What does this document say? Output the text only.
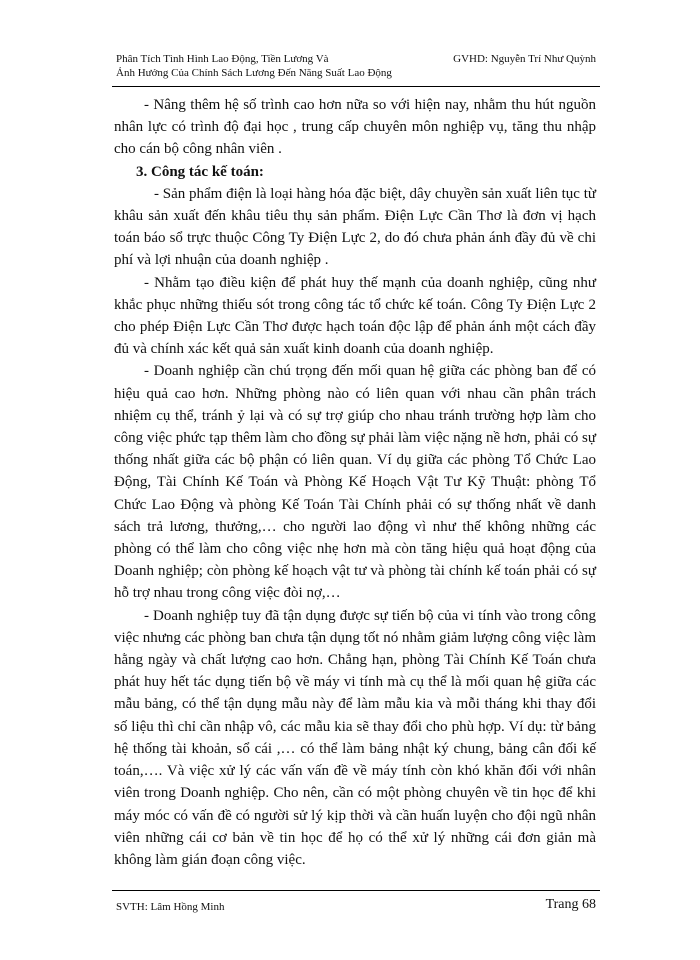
Phân Tích Tình Hình Lao Động, Tiền Lương Và
Ảnh Hưởng Của Chính Sách Lương Đến Năng Suất Lao Động
GVHD: Nguyễn Trí Như Quỳnh

- Nâng thêm hệ số trình cao hơn nữa so với hiện nay, nhằm thu hút nguồn nhân lực có trình độ đại học , trung cấp chuyên môn nghiệp vụ, tăng thu nhập cho cán bộ công nhân viên .

3. Công tác kế toán:

- Sản phẩm điện là loại hàng hóa đặc biệt, dây chuyền sản xuất liên tục từ khâu sản xuất đến khâu tiêu thụ sản phẩm. Điện Lực Cần Thơ là đơn vị hạch toán báo sổ trực thuộc Công Ty Điện Lực 2, do đó chưa phản ánh đầy đủ về chi phí và lợi nhuận của doanh nghiệp .

- Nhằm tạo điều kiện để phát huy thế mạnh của doanh nghiệp, cũng như khắc phục những thiếu sót trong công tác tổ chức kế toán. Công Ty Điện Lực 2 cho phép Điện Lực Cần Thơ được hạch toán độc lập để phản ánh một cách đầy đủ và chính xác kết quả sản xuất kinh doanh của doanh nghiệp.

- Doanh nghiệp cần chú trọng đến mối quan hệ giữa các phòng ban để có hiệu quả cao hơn. Những phòng nào có liên quan với nhau cần phân trách nhiệm cụ thể, tránh ỷ lại và có sự trợ giúp cho nhau tránh trường hợp làm cho công việc phức tạp thêm làm cho đồng sự phải làm việc nặng nề hơn, phải có sự thống nhất giữa các bộ phận có liên quan. Ví dụ giữa các phòng Tổ Chức Lao Động, Tài Chính Kế Toán và Phòng Kế Hoạch Vật Tư Kỹ Thuật: phòng Tổ Chức Lao Động và phòng Kế Toán Tài Chính phải có sự thống nhất về danh sách trả lương, thưởng,… cho người lao động vì như thế không những các phòng có thể làm cho công việc nhẹ hơn mà còn tăng hiệu quả hoạt động của Doanh nghiệp; còn phòng kế hoạch vật tư và phòng tài chính kế toán phải có sự hỗ trợ nhau trong công việc đòi nợ,…

- Doanh nghiệp tuy đã tận dụng được sự tiến bộ của vi tính vào trong công việc nhưng các phòng ban chưa tận dụng tốt nó nhằm giảm lượng công việc làm hằng ngày và chất lượng cao hơn. Chẳng hạn, phòng Tài Chính Kế Toán chưa phát huy hết tác dụng tiến bộ về máy vi tính mà cụ thể là mối quan hệ giữa các mẫu bảng, có thể tận dụng mẫu này để làm mẫu kia và mỗi tháng khi thay đổi số liệu thì chỉ cần nhập vô, các mẫu kia sẽ thay đổi cho phù hợp. Ví dụ: từ bảng hệ thống tài khoản, sổ cái ,… có thể làm bảng nhật ký chung, bảng cân đối kế toán,…. Và việc xử lý các vấn vấn đề về máy tính còn khó khăn đối với nhân viên trong Doanh nghiệp. Cho nên, cần có một phòng chuyên về tin học để khi máy móc có vấn đề có người sử lý kịp thời và cần huấn luyện cho đội ngũ nhân viên những cái cơ bản về tin học để họ có thể xử lý những cái đơn giản mà không làm gián đoạn công việc.

SVTH: Lâm Hồng Minh	Trang 68
